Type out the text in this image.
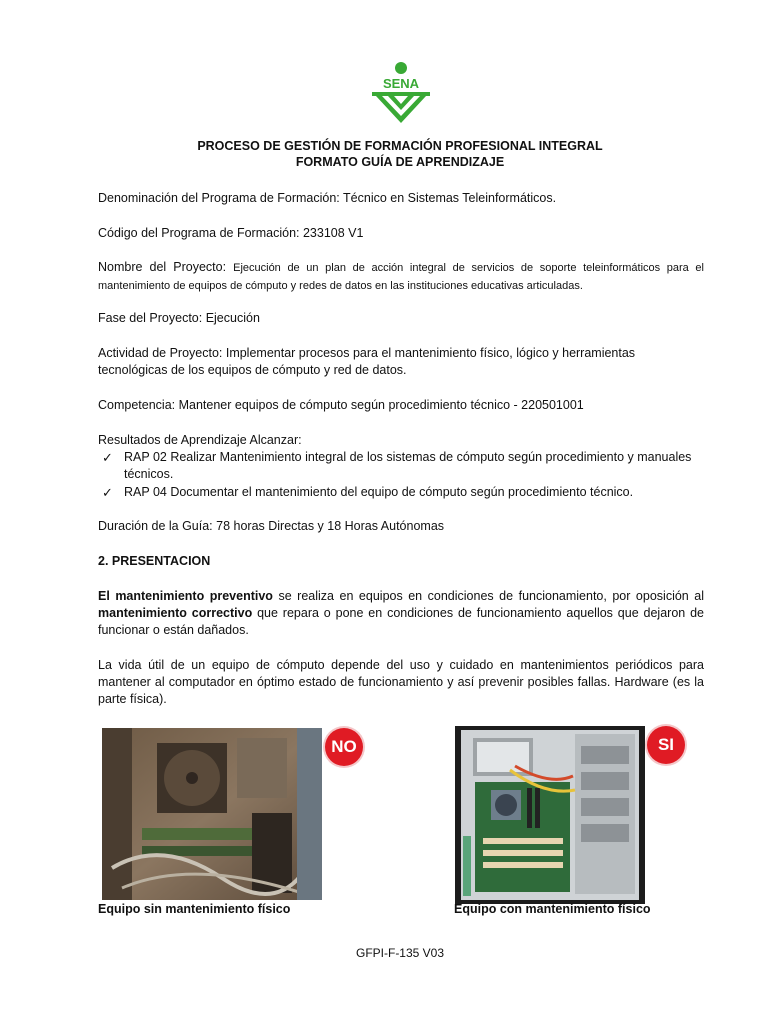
SENA
PROCESO DE GESTIÓN DE FORMACIÓN PROFESIONAL INTEGRAL
FORMATO GUÍA DE APRENDIZAJE
Denominación del Programa de Formación: Técnico en Sistemas Teleinformáticos.
Código del Programa de Formación: 233108 V1
Nombre del Proyecto: Ejecución de un plan de acción integral de servicios de soporte teleinformáticos para el mantenimiento de equipos de cómputo y redes de datos en las instituciones educativas articuladas.
Fase del Proyecto: Ejecución
Actividad de Proyecto: Implementar procesos para el mantenimiento físico, lógico y herramientas tecnológicas de los equipos de cómputo y red de datos.
Competencia: Mantener equipos de cómputo según procedimiento técnico - 220501001
Resultados de Aprendizaje Alcanzar:
✓ RAP 02 Realizar Mantenimiento integral de los sistemas de cómputo según procedimiento y manuales técnicos.
✓ RAP 04 Documentar el mantenimiento del equipo de cómputo según procedimiento técnico.
Duración de la Guía: 78 horas Directas y 18 Horas Autónomas
2. PRESENTACION
El mantenimiento preventivo se realiza en equipos en condiciones de funcionamiento, por oposición al mantenimiento correctivo que repara o pone en condiciones de funcionamiento aquellos que dejaron de funcionar o están dañados.
La vida útil de un equipo de cómputo depende del uso y cuidado en mantenimientos periódicos para mantener al computador en óptimo estado de funcionamiento y así prevenir posibles fallas. Hardware (es la parte física).
NO	SI
Equipo sin mantenimiento físico	Equipo con mantenimiento físico
GFPI-F-135 V03
